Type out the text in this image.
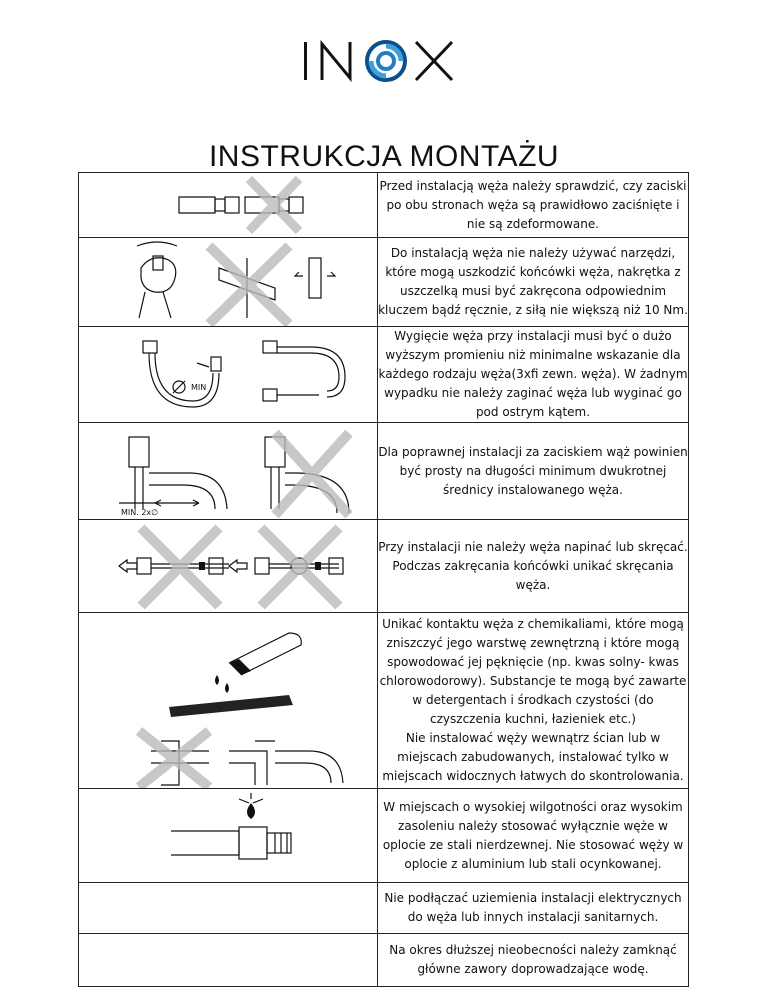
INSTRUKCJA MONTAŻU
	Przed instalacją węża należy sprawdzić, czy zaciski po obu stronach węża są prawidłowo zaciśnięte i nie są zdeformowane.

	Do instalacją węża nie należy używać narzędzi, które mogą uszkodzić końcówki węża, nakrętka z uszczelką musi być zakręcona odpowiednim kluczem bądź ręcznie, z siłą nie większą niż 10 Nm.

MIN	Wygięcie węża przy instalacji musi być o dużo wyższym promieniu niż minimalne wskazanie dla każdego rodzaju węża(3xfi zewn. węża). W żadnym wypadku nie należy zaginać węża lub wyginać go pod ostrym kątem.

MIN. 2x∅	Dla poprawnej instalacji za zaciskiem wąż powinien być prosty na długości minimum dwukrotnej średnicy instalowanego węża.

	Przy instalacji nie należy węża napinać lub skręcać. Podczas zakręcania końcówki unikać skręcania węża.

Unikać kontaktu węża z chemikaliami, które mogą zniszczyć jego warstwę zewnętrzną i które mogą spowodować jej pęknięcie (np. kwas solny- kwas chlorowodorowy). Substancje te mogą być zawarte w detergentach i środkach czystości (do czyszczenia kuchni, łazieniek etc.)
Nie instalować węży wewnątrz ścian lub w miejscach zabudowanych, instalować tylko w miejscach widocznych łatwych do skontrolowania.

	W miejscach o wysokiej wilgotności oraz wysokim zasoleniu należy stosować wyłącznie węże w oplocie ze stali nierdzewnej. Nie stosować węży w oplocie z aluminium lub stali ocynkowanej.
	Nie podłączać uziemienia instalacji elektrycznych do węża lub innych instalacji sanitarnych.
	Na okres dłuższej nieobecności należy zamknąć główne zawory doprowadzające wodę.
